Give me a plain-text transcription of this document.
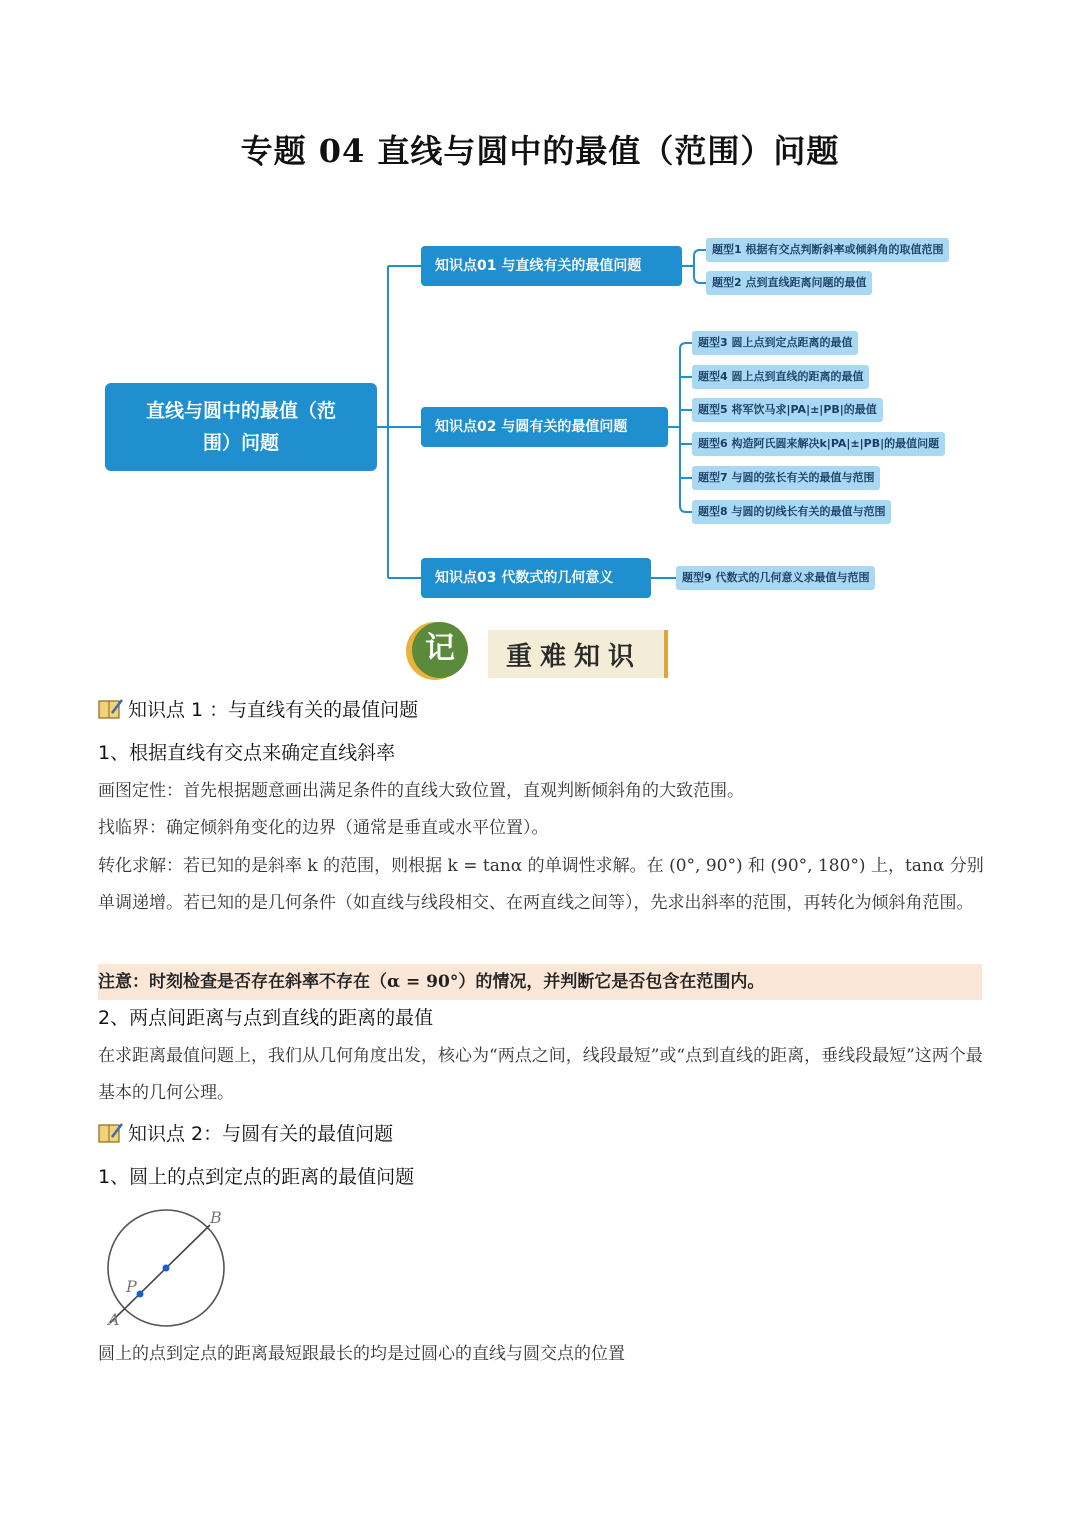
专题 04 直线与圆中的最值（范围）问题
直线与圆中的最值（范围）问题
知识点01 与直线有关的最值问题
题型1 根据有交点判断斜率或倾斜角的取值范围
题型2 点到直线距离问题的最值
知识点02 与圆有关的最值问题
题型3 圆上点到定点距离的最值
题型4 圆上点到直线的距离的最值
题型5 将军饮马求|PA|±|PB|的最值
题型6 构造阿氏圆来解决k|PA|±|PB|的最值问题
题型7 与圆的弦长有关的最值与范围
题型8 与圆的切线长有关的最值与范围
知识点03 代数式的几何意义	题型9 代数式的几何意义求最值与范围
记	重难知识
知识点 1 ：与直线有关的最值问题
1、根据直线有交点来确定直线斜率

画图定性：首先根据题意画出满足条件的直线大致位置，直观判断倾斜角的大致范围。

找临界：确定倾斜角变化的边界（通常是垂直或水平位置）。

转化求解：若已知的是斜率 k 的范围，则根据 k = tanα 的单调性求解。在 (0°, 90°) 和 (90°, 180°) 上，tanα 分别单调递增。若已知的是几何条件（如直线与线段相交、在两直线之间等），先求出斜率的范围，再转化为倾斜角范围。

注意：时刻检查是否存在斜率不存在（α = 90°）的情况，并判断它是否包含在范围内。
2、两点间距离与点到直线的距离的最值

在求距离最值问题上，我们从几何角度出发，核心为“两点之间，线段最短”或“点到直线的距离，垂线段最短”这两个最基本的几何公理。

知识点 2：与圆有关的最值问题
1、圆上的点到定点的距离的最值问题
B
P
A

圆上的点到定点的距离最短跟最长的均是过圆心的直线与圆交点的位置
